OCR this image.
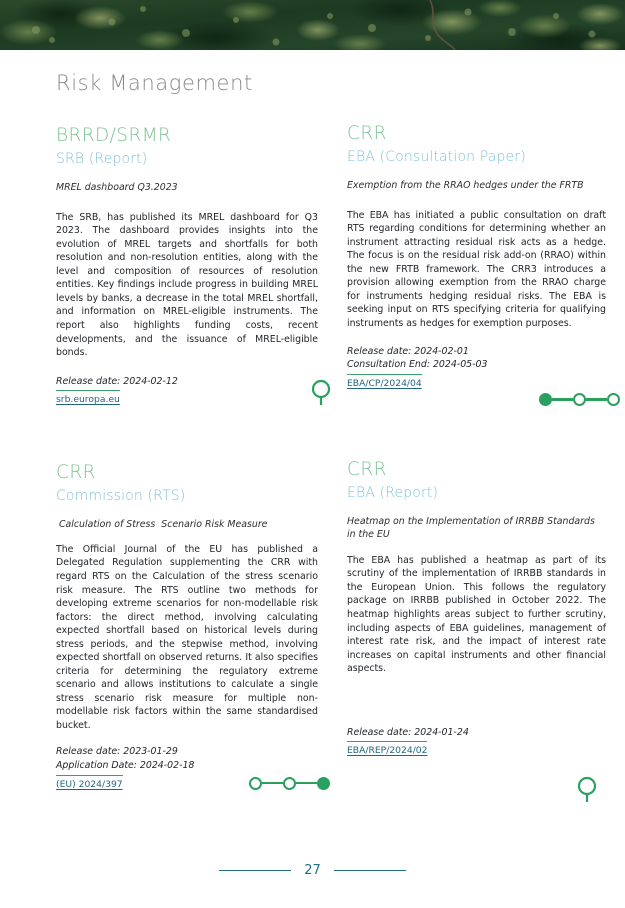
Risk Management
BRRD/SRMR
SRB (Report)
MREL dashboard Q3.2023
The SRB, has published its MREL dashboard for Q3 2023. The dashboard provides insights into the evolution of MREL targets and shortfalls for both resolution and non-resolution entities, along with the level and composition of resources of resolution entities. Key findings include progress in building MREL levels by banks, a decrease in the total MREL shortfall, and information on MREL-eligible instruments. The report also highlights funding costs, recent developments, and the issuance of MREL-eligible bonds.
Release date: 2024-02-12
srb.europa.eu
CRR
EBA (Consultation Paper)
Exemption from the RRAO hedges under the FRTB
The EBA has initiated a public consultation on draft RTS regarding conditions for determining whether an instrument attracting residual risk acts as a hedge. The focus is on the residual risk add-on (RRAO) within the new FRTB framework. The CRR3 introduces a provision allowing exemption from the RRAO charge for instruments hedging residual risks. The EBA is seeking input on RTS specifying criteria for qualifying instruments as hedges for exemption purposes.
Release date: 2024-02-01
Consultation End: 2024-05-03
EBA/CP/2024/04
CRR
Commission (RTS)
Calculation of Stress  Scenario Risk Measure
The Official Journal of the EU has published a Delegated Regulation supplementing the CRR with regard RTS on the Calculation of the stress scenario risk measure. The RTS outline two methods for developing extreme scenarios for non-modellable risk factors: the direct method, involving calculating expected shortfall based on historical levels during stress periods, and the stepwise method, involving expected shortfall on observed returns. It also specifies criteria for determining the regulatory extreme scenario and allows institutions to calculate a single stress scenario risk measure for multiple non-modellable risk factors within the same standardised bucket.
Release date: 2023-01-29
Application Date: 2024-02-18
(EU) 2024/397
CRR
EBA (Report)
Heatmap on the Implementation of IRRBB Standards in the EU
The EBA has published a heatmap as part of its scrutiny of the implementation of IRRBB standards in the European Union. This follows the regulatory package on IRRBB published in October 2022. The heatmap highlights areas subject to further scrutiny, including aspects of EBA guidelines, management of interest rate risk, and the impact of interest rate increases on capital instruments and other financial aspects.
Release date: 2024-01-24
EBA/REP/2024/02
27
